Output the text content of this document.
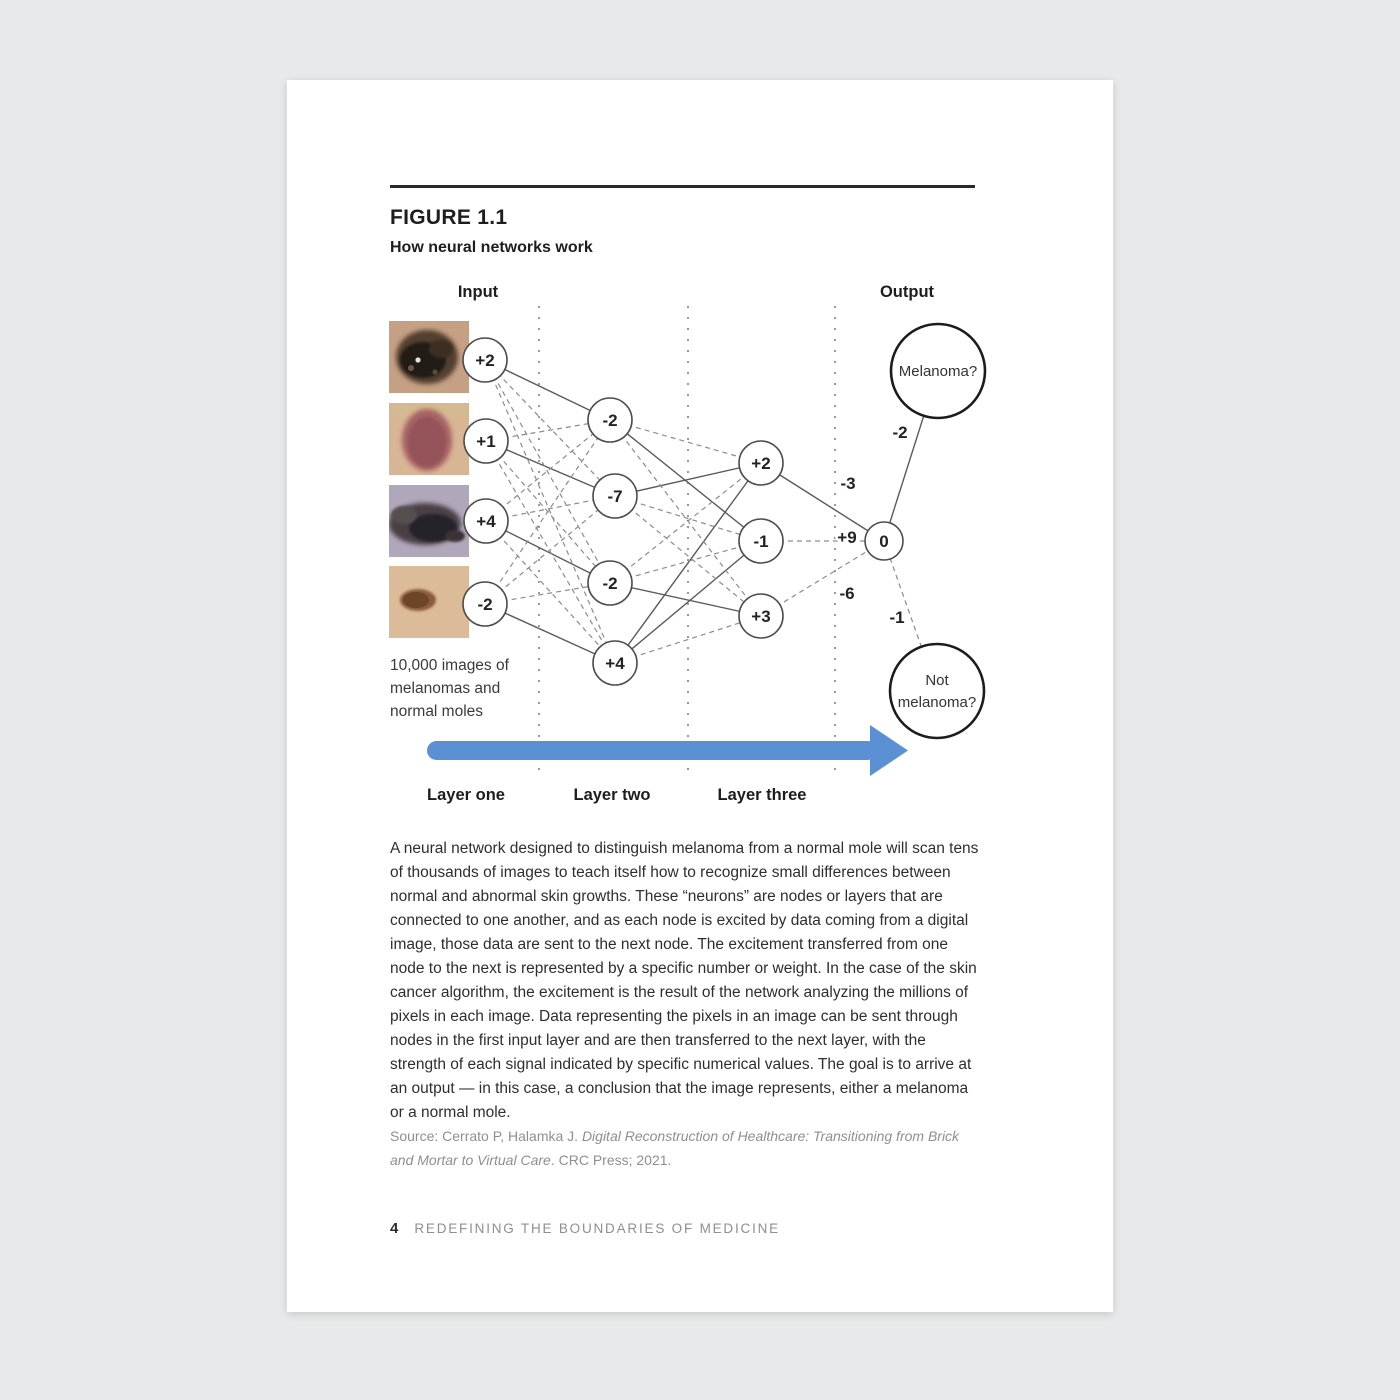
FIGURE 1.1
How neural networks work
Input	Output
+2
+1
+4
-2
-2
-7
-2
+4
+2
-1
+3
0
Melanoma?
Not
melanoma?
-2
-3
+9
-6
-1
10,000 images of
melanomas and
normal moles
Layer one	Layer two	Layer three
A neural network designed to distinguish melanoma from a normal mole will scan tens of thousands of images to teach itself how to recognize small differences between normal and abnormal skin growths. These “neurons” are nodes or layers that are connected to one another, and as each node is excited by data coming from a digital image, those data are sent to the next node. The excitement transferred from one node to the next is represented by a specific number or weight. In the case of the skin cancer algorithm, the excitement is the result of the network analyzing the millions of pixels in each image. Data representing the pixels in an image can be sent through nodes in the first input layer and are then transferred to the next layer, with the strength of each signal indicated by specific numerical values. The goal is to arrive at an output — in this case, a conclusion that the image represents, either a melanoma or a normal mole.
Source: Cerrato P, Halamka J. Digital Reconstruction of Healthcare: Transitioning from Brick and Mortar to Virtual Care. CRC Press; 2021.
4 REDEFINING THE BOUNDARIES OF MEDICINE
